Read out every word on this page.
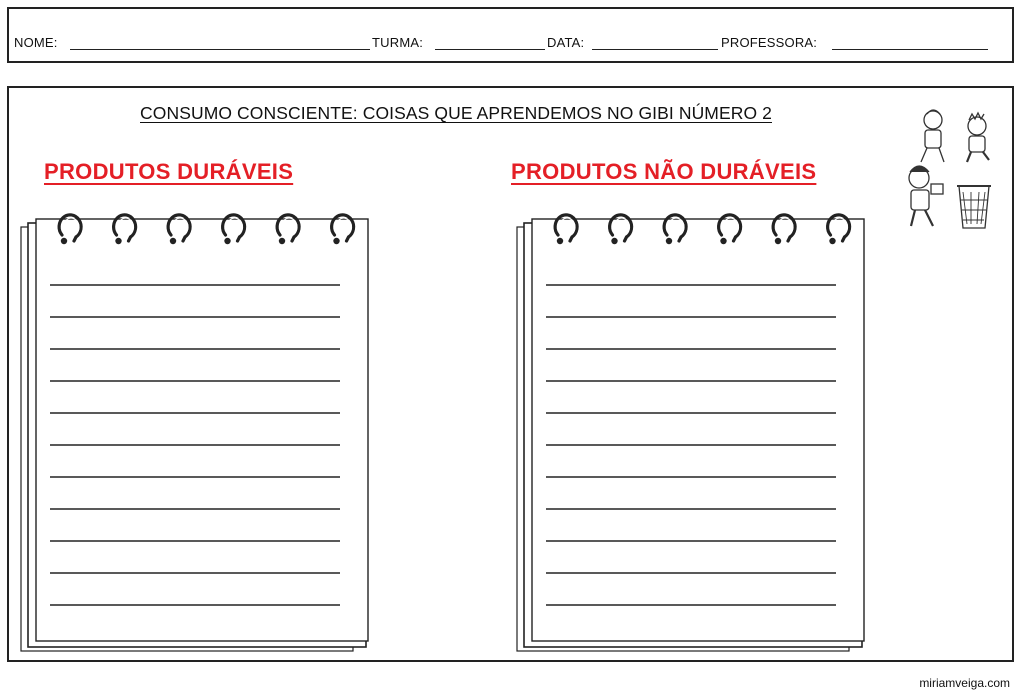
NOME:	TURMA:	DATA:	PROFESSORA:
CONSUMO CONSCIENTE: COISAS QUE APRENDEMOS NO GIBI NÚMERO 2
PRODUTOS DURÁVEIS	PRODUTOS NÃO DURÁVEIS
miriamveiga.com
